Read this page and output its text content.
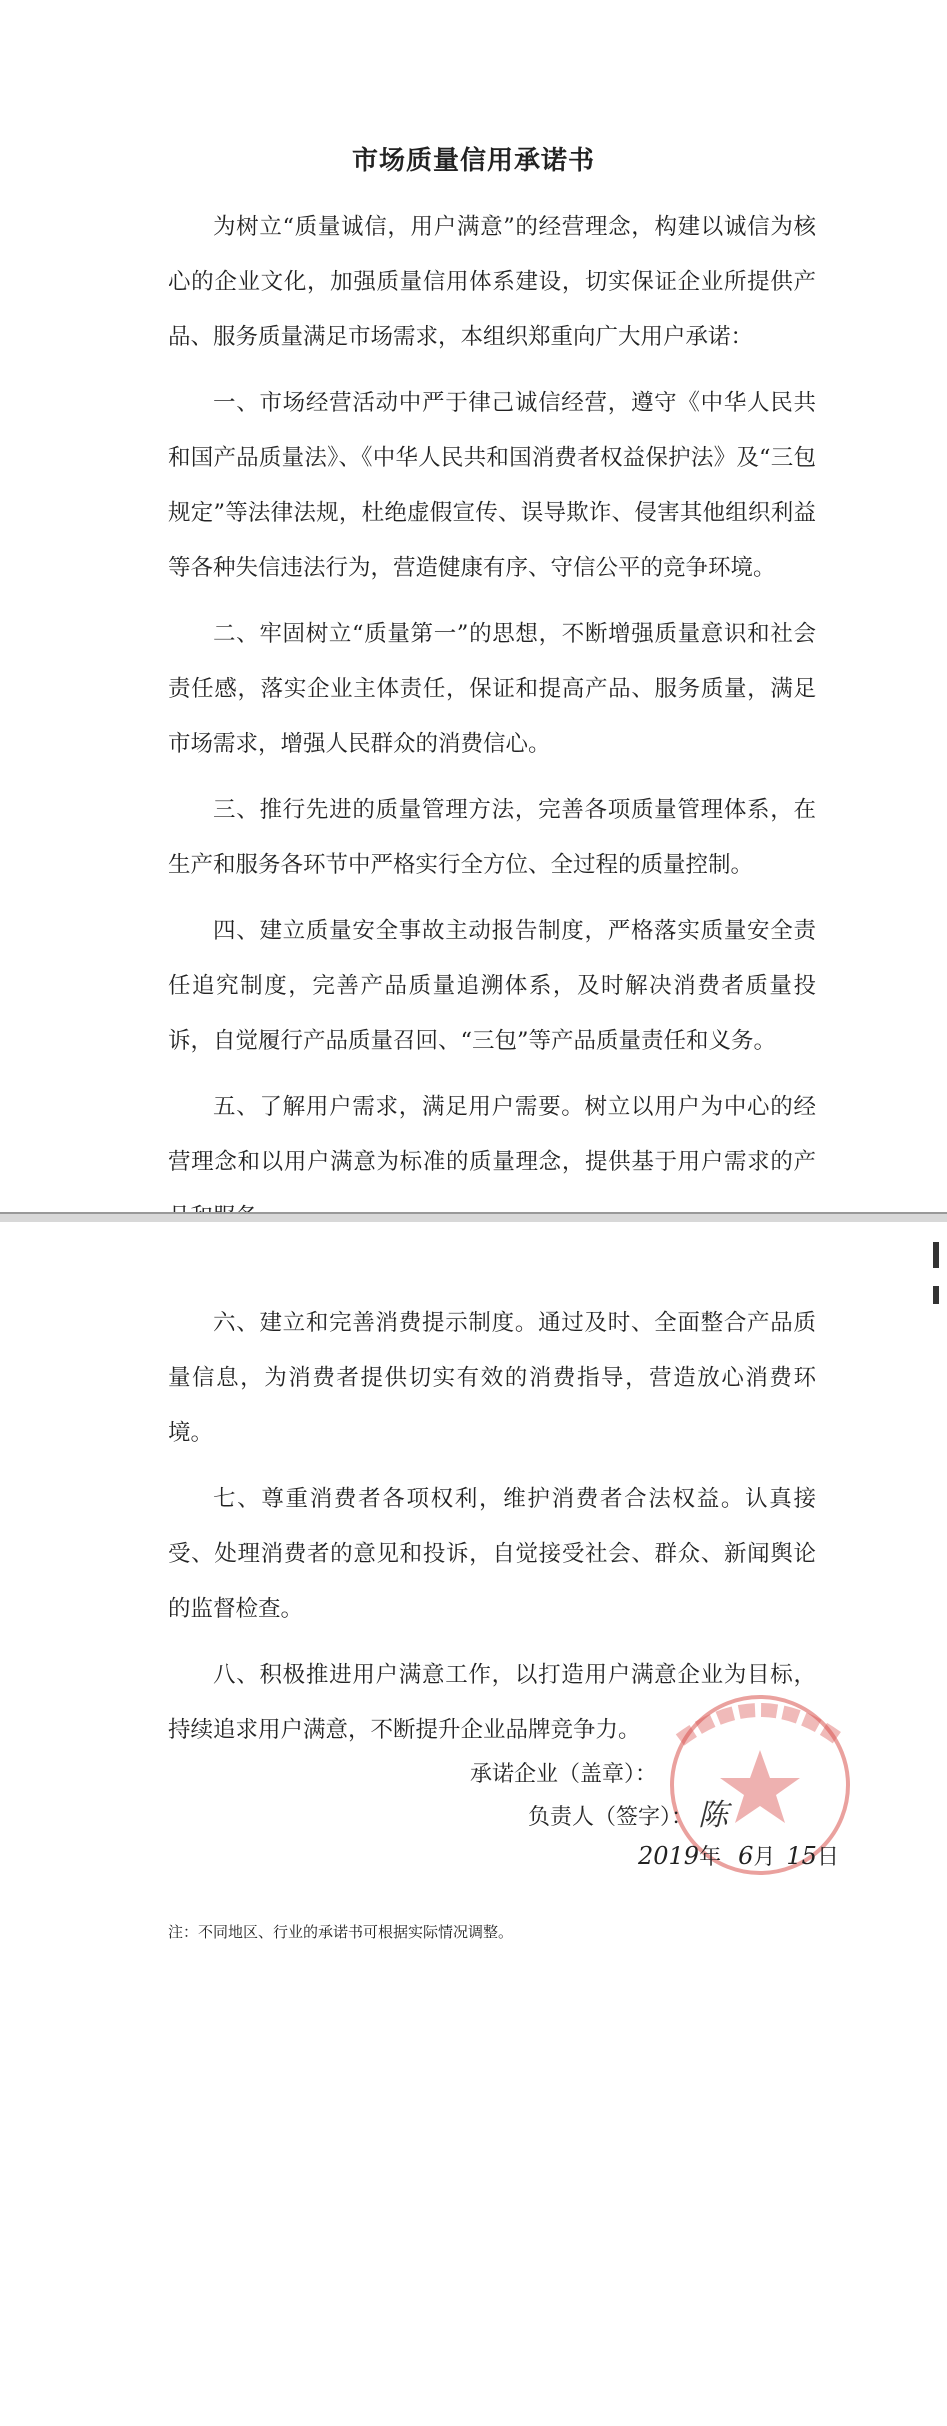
市场质量信用承诺书

为树立“质量诚信，用户满意”的经营理念，构建以诚信为核心的企业文化，加强质量信用体系建设，切实保证企业所提供产品、服务质量满足市场需求，本组织郑重向广大用户承诺：

一、市场经营活动中严于律己诚信经营，遵守《中华人民共和国产品质量法》、《中华人民共和国消费者权益保护法》及“三包规定”等法律法规，杜绝虚假宣传、误导欺诈、侵害其他组织利益等各种失信违法行为，营造健康有序、守信公平的竞争环境。

二、牢固树立“质量第一”的思想，不断增强质量意识和社会责任感，落实企业主体责任，保证和提高产品、服务质量，满足市场需求，增强人民群众的消费信心。

三、推行先进的质量管理方法，完善各项质量管理体系，在生产和服务各环节中严格实行全方位、全过程的质量控制。

四、建立质量安全事故主动报告制度，严格落实质量安全责任追究制度，完善产品质量追溯体系，及时解决消费者质量投诉，自觉履行产品质量召回、“三包”等产品质量责任和义务。

五、了解用户需求，满足用户需要。树立以用户为中心的经营理念和以用户满意为标准的质量理念，提供基于用户需求的产

六、建立和完善消费提示制度。通过及时、全面整合产品质量信息，为消费者提供切实有效的消费指导，营造放心消费环境。

七、尊重消费者各项权利，维护消费者合法权益。认真接受、处理消费者的意见和投诉，自觉接受社会、群众、新闻舆论的监督检查。

八、积极推进用户满意工作，以打造用户满意企业为目标，持续追求用户满意，不断提升企业品牌竞争力。

承诺企业（盖章）：
负责人（签字）： 陈
2019年 6月 15日
注：不同地区、行业的承诺书可根据实际情况调整。
